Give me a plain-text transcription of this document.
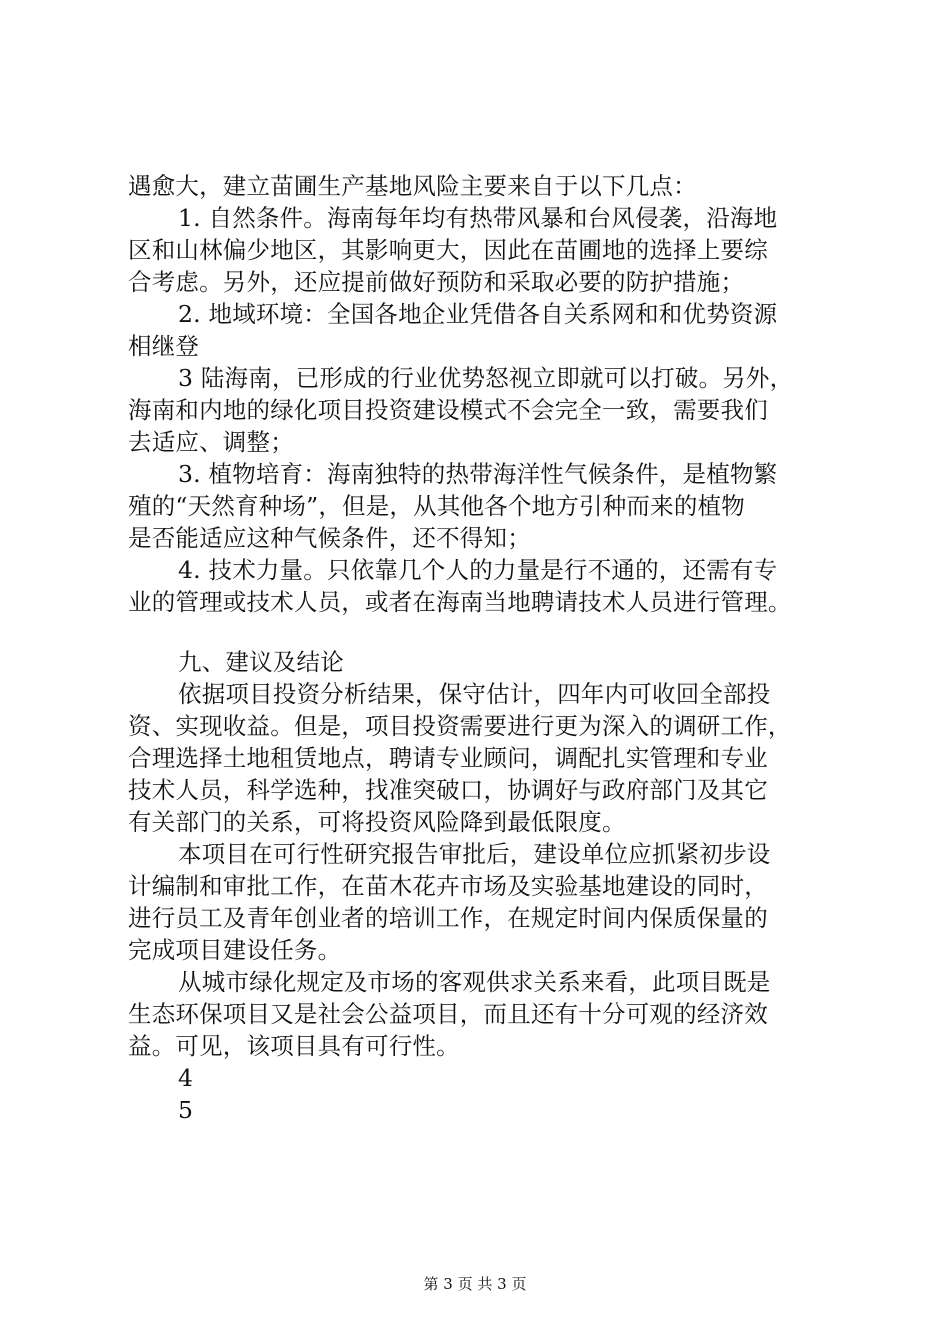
遇愈大，建立苗圃生产基地风险主要来自于以下几点：
1. 自然条件。海南每年均有热带风暴和台风侵袭，沿海地
区和山林偏少地区，其影响更大，因此在苗圃地的选择上要综
合考虑。另外，还应提前做好预防和采取必要的防护措施；
2. 地域环境：全国各地企业凭借各自关系网和和优势资源
相继登
3 陆海南，已形成的行业优势怒视立即就可以打破。另外，
海南和内地的绿化项目投资建设模式不会完全一致，需要我们
去适应、调整；
3. 植物培育：海南独特的热带海洋性气候条件，是植物繁
殖的“天然育种场”，但是，从其他各个地方引种而来的植物
是否能适应这种气候条件，还不得知；
4. 技术力量。只依靠几个人的力量是行不通的，还需有专
业的管理或技术人员，或者在海南当地聘请技术人员进行管理。
九、建议及结论
依据项目投资分析结果，保守估计，四年内可收回全部投
资、实现收益。但是，项目投资需要进行更为深入的调研工作，
合理选择土地租赁地点，聘请专业顾问，调配扎实管理和专业
技术人员，科学选种，找准突破口，协调好与政府部门及其它
有关部门的关系，可将投资风险降到最低限度。
本项目在可行性研究报告审批后，建设单位应抓紧初步设
计编制和审批工作，在苗木花卉市场及实验基地建设的同时，
进行员工及青年创业者的培训工作，在规定时间内保质保量的
完成项目建设任务。
从城市绿化规定及市场的客观供求关系来看，此项目既是
生态环保项目又是社会公益项目，而且还有十分可观的经济效
益。可见，该项目具有可行性。
4
5
第 3 页 共 3 页
